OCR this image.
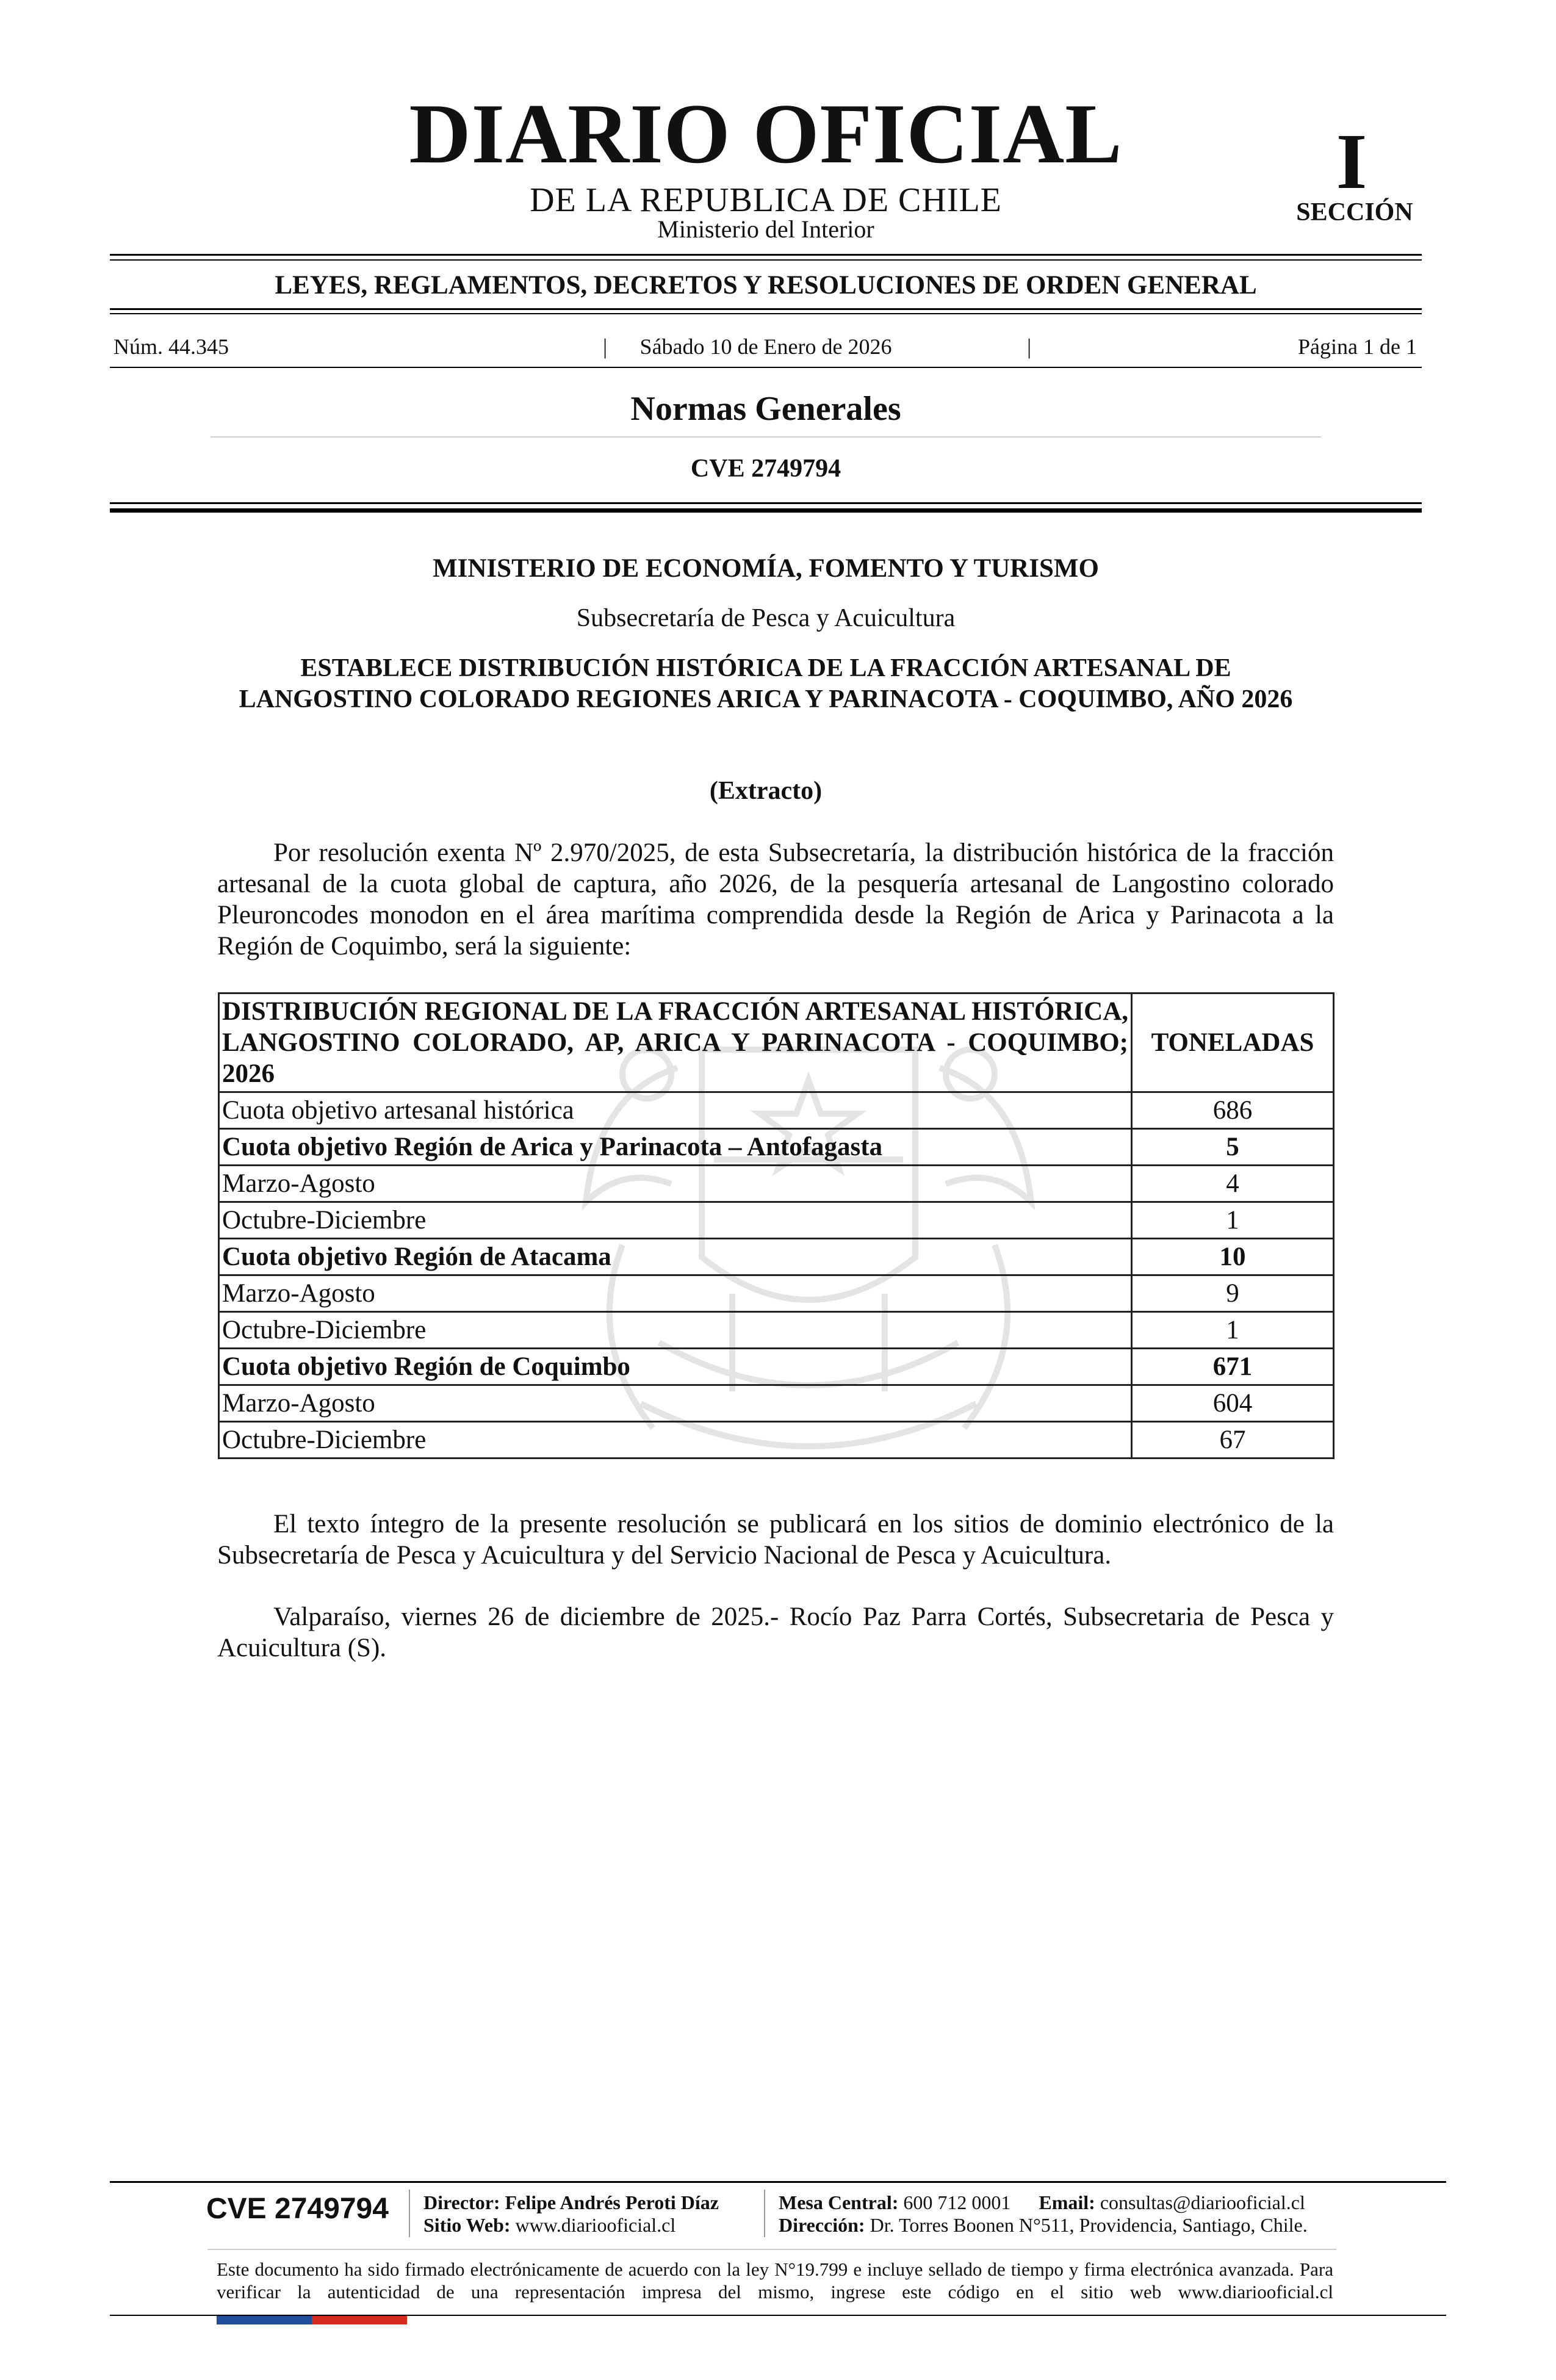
DIARIO OFICIAL
DE LA REPUBLICA DE CHILE
Ministerio del Interior
I
SECCIÓN
LEYES, REGLAMENTOS, DECRETOS Y RESOLUCIONES DE ORDEN GENERAL
Núm. 44.345	|	Sábado 10 de Enero de 2026	|	Página 1 de 1
Normas Generales
CVE 2749794
MINISTERIO DE ECONOMÍA, FOMENTO Y TURISMO
Subsecretaría de Pesca y Acuicultura
ESTABLECE DISTRIBUCIÓN HISTÓRICA DE LA FRACCIÓN ARTESANAL DE LANGOSTINO COLORADO REGIONES ARICA Y PARINACOTA - COQUIMBO, AÑO 2026
(Extracto)

Por resolución exenta Nº 2.970/2025, de esta Subsecretaría, la distribución histórica de la fracción artesanal de la cuota global de captura, año 2026, de la pesquería artesanal de Langostino colorado Pleuroncodes monodon en el área marítima comprendida desde la Región de Arica y Parinacota a la Región de Coquimbo, será la siguiente:

DISTRIBUCIÓN REGIONAL DE LA FRACCIÓN ARTESANAL HISTÓRICA, LANGOSTINO COLORADO, AP, ARICA Y PARINACOTA - COQUIMBO; 2026	TONELADAS
Cuota objetivo artesanal histórica	686
Cuota objetivo Región de Arica y Parinacota – Antofagasta	5
Marzo-Agosto	4
Octubre-Diciembre	1
Cuota objetivo Región de Atacama	10
Marzo-Agosto	9
Octubre-Diciembre	1
Cuota objetivo Región de Coquimbo	671
Marzo-Agosto	604
Octubre-Diciembre	67

El texto íntegro de la presente resolución se publicará en los sitios de dominio electrónico de la Subsecretaría de Pesca y Acuicultura y del Servicio Nacional de Pesca y Acuicultura.

Valparaíso, viernes 26 de diciembre de 2025.- Rocío Paz Parra Cortés, Subsecretaria de Pesca y Acuicultura (S).

CVE 2749794 Director: Felipe Andrés Peroti Díaz
Sitio Web: www.diariooficial.cl
Mesa Central: 600 712 0001 Email: consultas@diariooficial.cl
Dirección: Dr. Torres Boonen N°511, Providencia, Santiago, Chile.
Este documento ha sido firmado electrónicamente de acuerdo con la ley N°19.799 e incluye sellado de tiempo y firma electrónica avanzada. Para verificar la autenticidad de una representación impresa del mismo, ingrese este código en el sitio web www.diariooficial.cl
